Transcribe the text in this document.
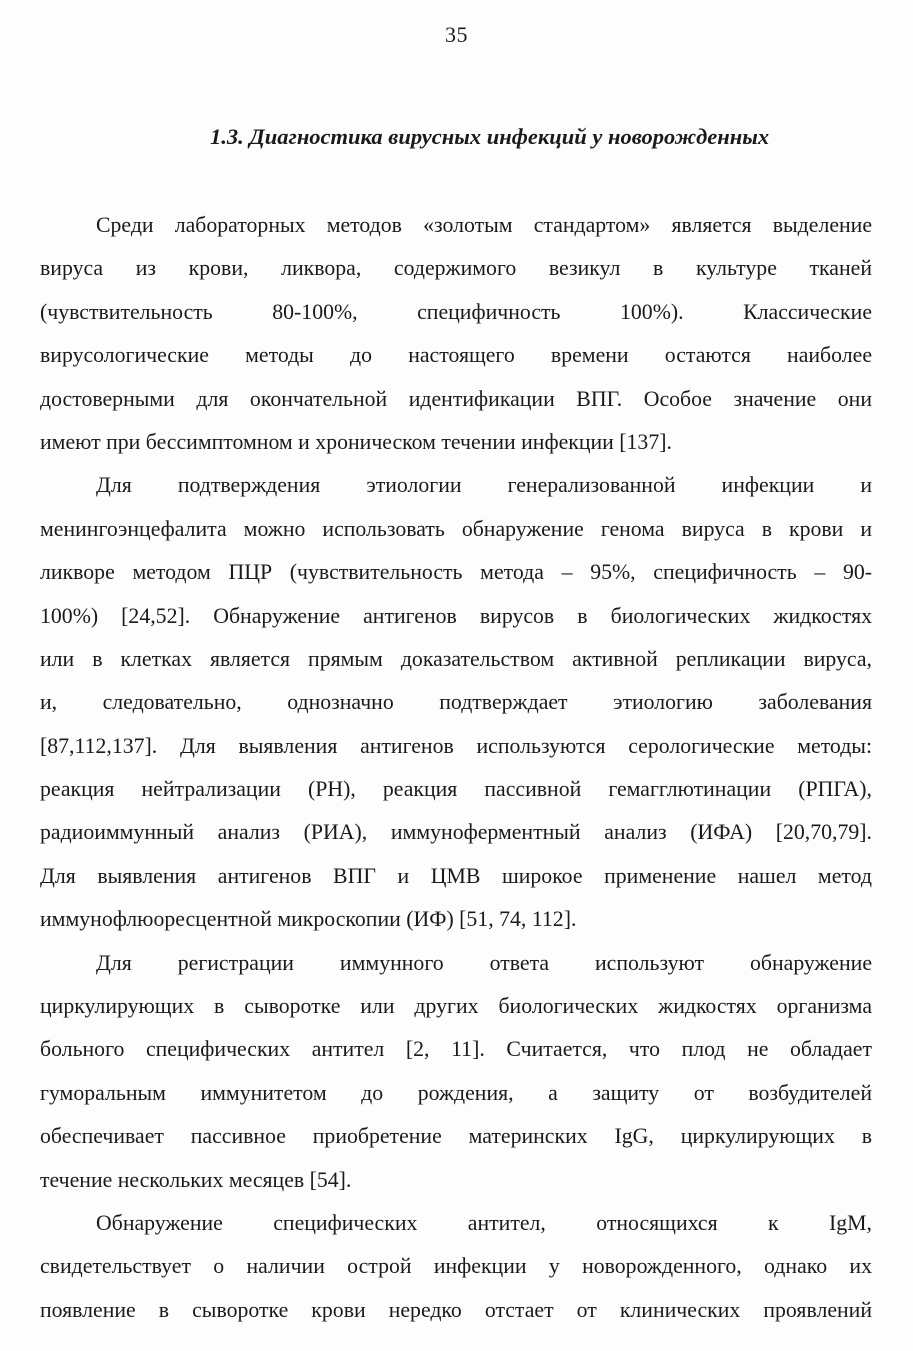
35
1.3. Диагностика вирусных инфекций у новорожденных
Среди лабораторных методов «золотым стандартом» является выделение
вируса из крови, ликвора, содержимого везикул в культуре тканей
(чувствительность 80-100%, специфичность 100%). Классические
вирусологические методы до настоящего времени остаются наиболее
достоверными для окончательной идентификации ВПГ. Особое значение они
имеют при бессимптомном и хроническом течении инфекции [137].
Для подтверждения этиологии генерализованной инфекции и
менингоэнцефалита можно использовать обнаружение генома вируса в крови и
ликворе методом ПЦР (чувствительность метода – 95%, специфичность – 90-
100%) [24,52]. Обнаружение антигенов вирусов в биологических жидкостях
или в клетках является прямым доказательством активной репликации вируса,
и, следовательно, однозначно подтверждает этиологию заболевания
[87,112,137]. Для выявления антигенов используются серологические методы:
реакция нейтрализации (РН), реакция пассивной гемагглютинации (РПГА),
радиоиммунный анализ (РИА), иммуноферментный анализ (ИФА) [20,70,79].
Для выявления антигенов ВПГ и ЦМВ широкое применение нашел метод
иммунофлюоресцентной микроскопии (ИФ) [51, 74, 112].
Для регистрации иммунного ответа используют обнаружение
циркулирующих в сыворотке или других биологических жидкостях организма
больного специфических антител [2, 11]. Считается, что плод не обладает
гуморальным иммунитетом до рождения, а защиту от возбудителей
обеспечивает пассивное приобретение материнских IgG, циркулирующих в
течение нескольких месяцев [54].
Обнаружение специфических антител, относящихся к IgM,
свидетельствует о наличии острой инфекции у новорожденного, однако их
появление в сыворотке крови нередко отстает от клинических проявлений
